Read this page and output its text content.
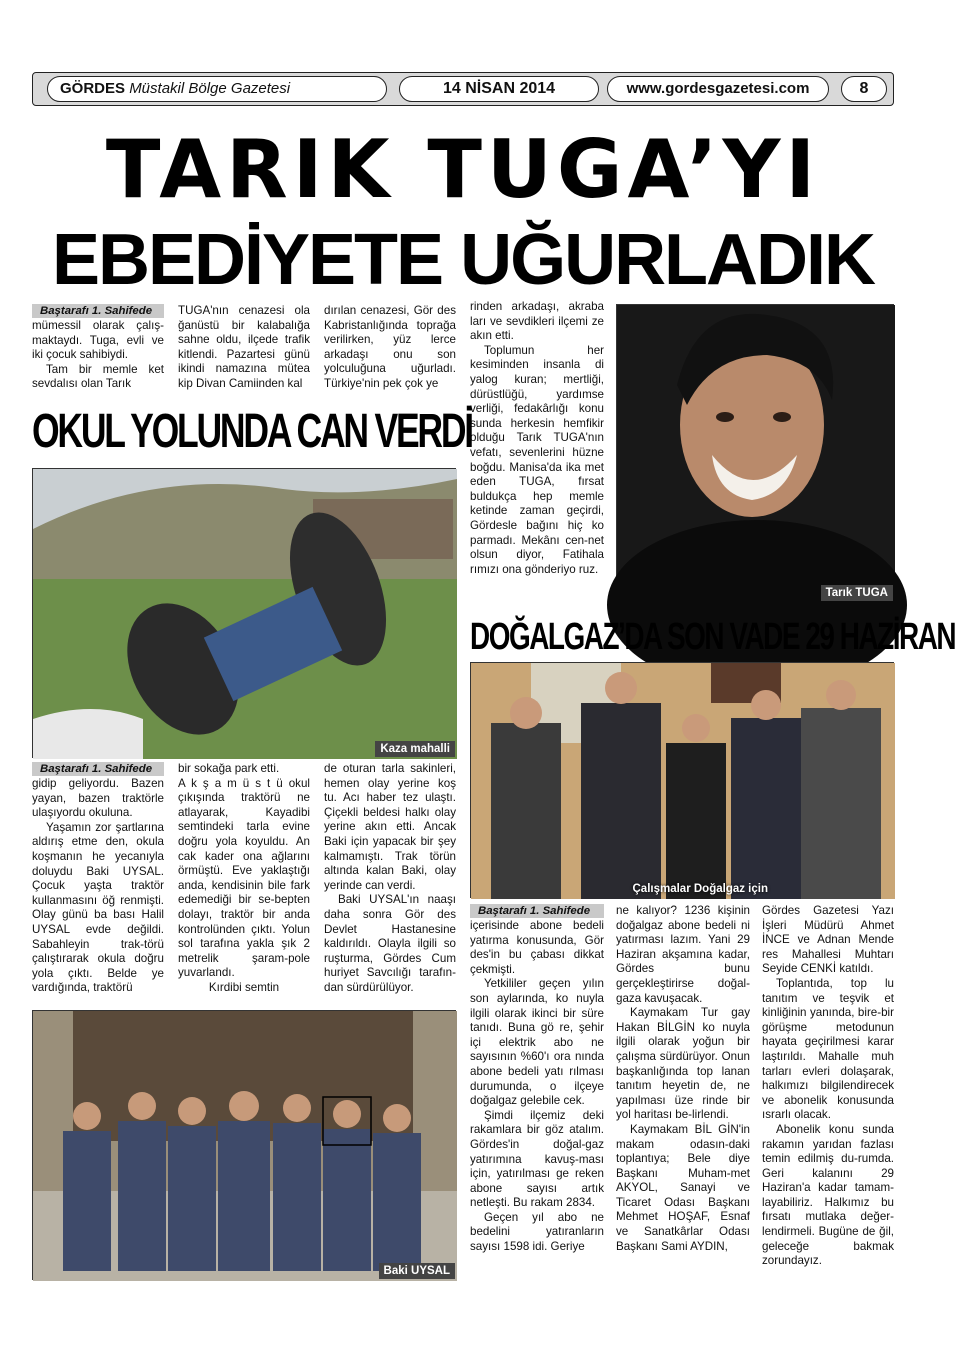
GÖRDES Müstakil Bölge Gazetesi	14 NİSAN 2014	www.gordesgazetesi.com	8
TARIK TUGA’YI
EBEDİYETE UĞURLADIK
Baştarafı 1. Sahifede

mümessil olarak çalış-maktaydı. Tuga, evli ve iki çocuk sahibiydi.

Tam bir memle ket sevdalısı olan Tarık

TUGA'nın cenazesi ola ğanüstü bir kalabalığa sahne oldu, ilçede trafik kitlendi. Pazartesi günü ikindi namazına mütea kip Divan Camiinden kal

dırılan cenazesi, Gör des Kabristanlığında toprağa verilirken, yüz lerce arkadaşı onu son yolculuğuna uğurladı. Türkiye'nin pek çok ye

rinden arkadaşı, akraba ları ve sevdikleri ilçemi ze akın etti.

Toplumun her kesiminden insanla di yalog kuran; mertliği, dürüstlüğü, yardımse verliği, fedakârlığı konu sunda herkesin hemfikir olduğu Tarık TUGA'nın vefatı, sevenlerini hüzne boğdu. Manisa'da ika met eden TUGA, fırsat buldukça hep memle ketinde zaman geçirdi, Gördesle bağını hiç ko parmadı. Mekânı cen-net olsun diyor, Fatihala rımızı ona gönderiyo ruz.

Tarık TUGA
OKUL YOLUNDA CAN VERDİ
Kaza mahalli
Baştarafı 1. Sahifede

gidip geliyordu. Bazen yayan, bazen traktörle ulaşıyordu okuluna.

Yaşamın zor şartlarına aldırış etme den, okula koşmanın he yecanıyla doluydu Baki UYSAL. Çocuk yaşta traktör kullanmasını öğ renmişti. Olay günü ba bası Halil UYSAL evde değildi. Sabahleyin trak-törü çalıştırarak okula doğru yola çıktı. Belde ye vardığında, traktörü

bir sokağa park etti.

A k ş a m ü s t ü okul çıkışında traktörü ne atlayarak, Kayadibi semtindeki tarla evine doğru yola koyuldu. An cak kader ona ağlarını örmüştü. Eve yaklaştığı anda, kendisinin bile fark edemediği bir se-bepten dolayı, traktör bir anda kontrolünden çıktı. Yolun sol tarafına yakla şık 2 metrelik şaram-pole yuvarlandı.

Kırdibi semtin

de oturan tarla sakinleri, hemen olay yerine koş tu. Acı haber tez ulaştı. Çiçekli beldesi halkı olay yerine akın etti. Ancak Baki için yapacak bir şey kalmamıştı. Trak törün altında kalan Baki, olay yerinde can verdi.

Baki UYSAL'ın naaşı daha sonra Gör des Devlet Hastanesine kaldırıldı. Olayla ilgili so ruşturma, Gördes Cum huriyet Savcılığı tarafın-dan sürdürülüyor.

Baki UYSAL
DOĞALGAZ’DA SON VADE 29 HAZİRAN
Çalışmalar Doğalgaz için
Baştarafı 1. Sahifede

içerisinde abone bedeli yatırma konusunda, Gör des'in bu çabası dikkat çekmişti.

Yetkililer geçen yılın son aylarında, ko nuyla ilgili olarak ikinci bir süre tanıdı. Buna gö re, şehir içi elektrik abo ne sayısının %60'ı ora nında abone bedeli yatı rılması durumunda, o ilçeye doğalgaz gelebile cek.

Şimdi ilçemiz deki rakamlara bir göz atalım. Gördes'in doğal-gaz yatırımına kavuş-ması için, yatırılması ge reken abone sayısı artık netleşti. Bu rakam 2834.

Geçen yıl abo ne bedelini yatıranların sayısı 1598 idi. Geriye

ne kalıyor? 1236 kişinin doğalgaz abone bedeli ni yatırması lazım. Yani 29 Haziran akşamına kadar, Gördes bunu gerçekleştirirse doğal-gaza kavuşacak.

Kaymakam Tur gay Hakan BİLGİN ko nuyla ilgili olarak yoğun bir çalışma sürdürüyor. Onun başkanlığında top lanan tanıtım heyetin de, ne yapılması üze rinde bir yol haritası be-lirlendi.

Kaymakam BİL GİN'in makam odasın-daki toplantıya; Bele diye Başkanı Muham-met AKYOL, Sanayi ve Ticaret Odası Başkanı Mehmet HOŞAF, Esnaf ve Sanatkârlar Odası Başkanı Sami AYDIN,

Gördes Gazetesi Yazı İşleri Müdürü Ahmet İNCE ve Adnan Mende res Mahallesi Muhtarı Seyide CENKİ katıldı.

Toplantıda, top lu tanıtım ve teşvik et kinliğinin yanında, bire-bir görüşme metodunun hayata geçirilmesi karar laştırıldı. Mahalle muh tarları evleri dolaşarak, halkımızı bilgilendirecek ve abonelik konusunda ısrarlı olacak.

Abonelik konu sunda rakamın yarıdan fazlası temin edilmiş du-rumda. Geri kalanını 29 Haziran'a kadar tamam-layabiliriz. Halkımız bu fırsatı mutlaka değer-lendirmeli. Bugüne de ğil, geleceğe bakmak zorundayız.
